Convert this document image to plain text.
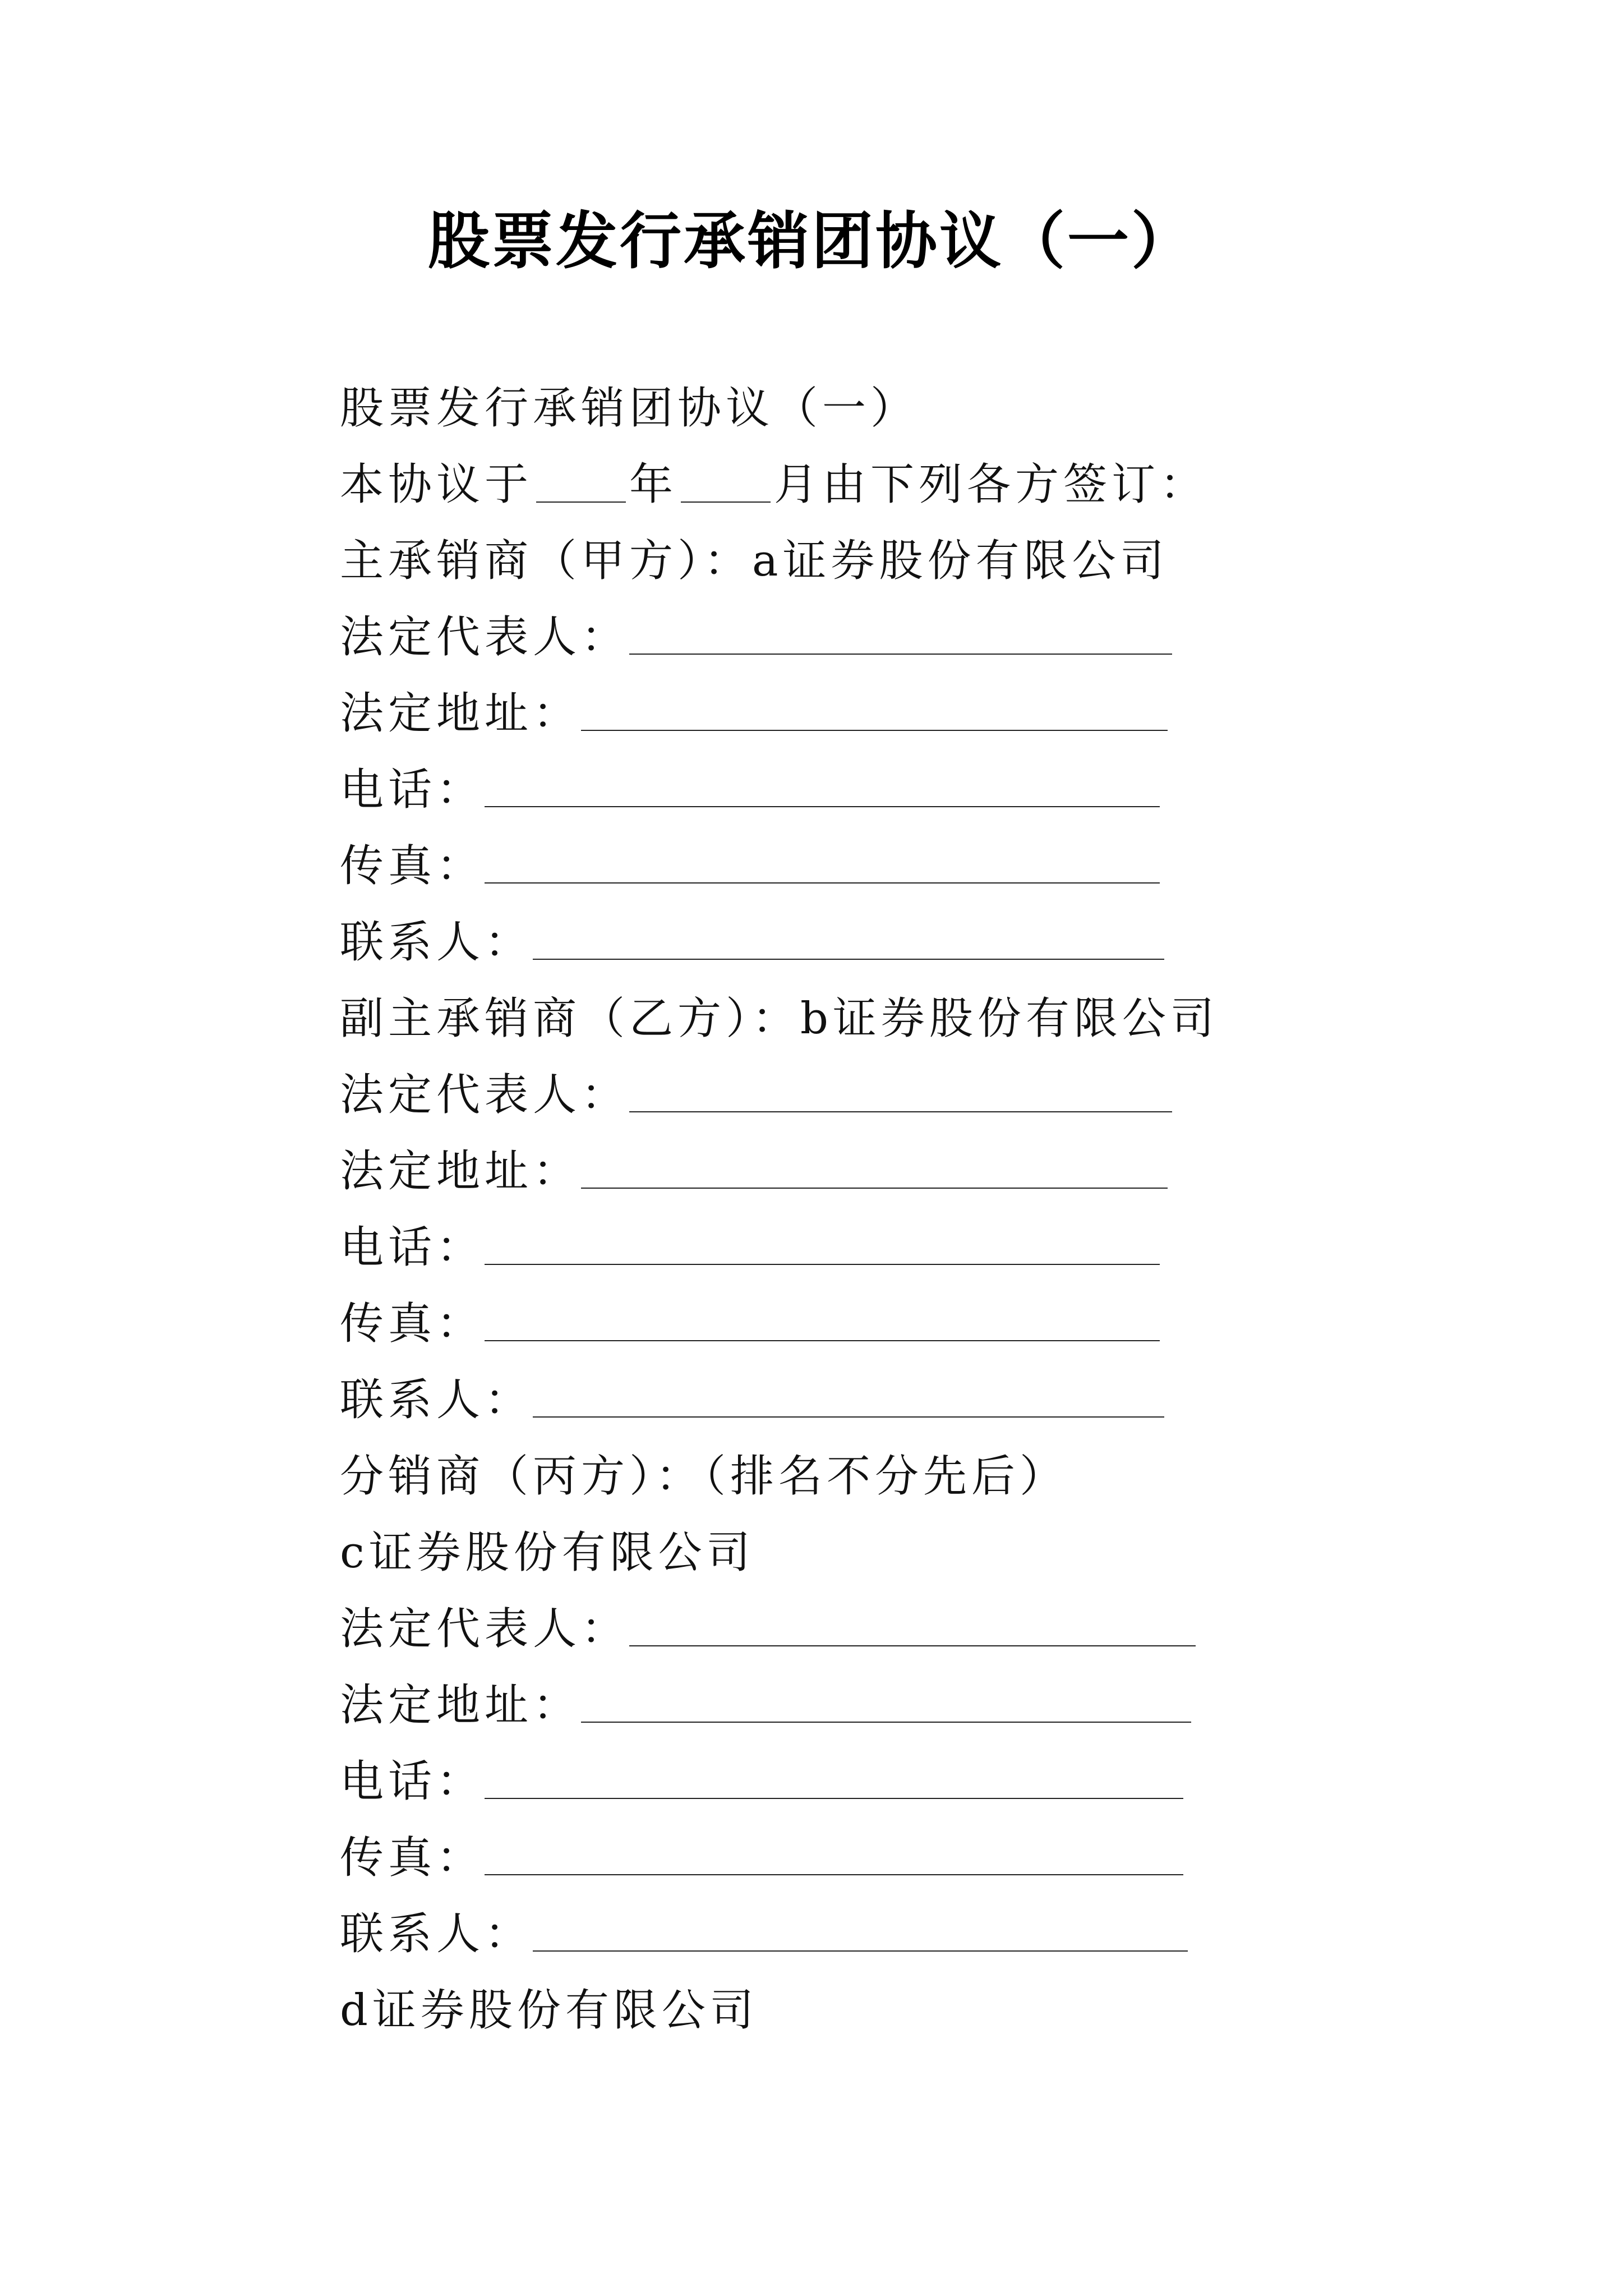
股票发行承销团协议（一）
股票发行承销团协议（一）
本协议于 年 月由下列各方签订：
主承销商（甲方）：a证券股份有限公司
法定代表人：
法定地址：
电话：
传真：
联系人：
副主承销商（乙方）：b证券股份有限公司
法定代表人：
法定地址：
电话：
传真：
联系人：
分销商（丙方）：（排名不分先后）
c证券股份有限公司
法定代表人：
法定地址：
电话：
传真：
联系人：
d证券股份有限公司
